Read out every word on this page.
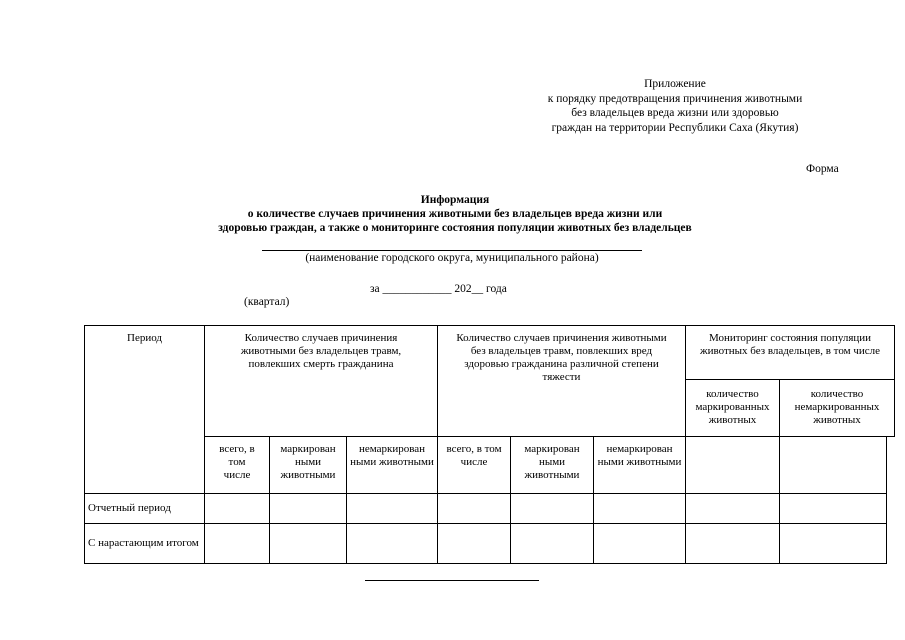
Приложение
к порядку предотвращения причинения животными
без владельцев вреда жизни или здоровью
граждан на территории Республики Саха (Якутия)
Форма
Информация
о количестве случаев причинения животными без владельцев вреда жизни или
здоровью граждан, а также о мониторинге состояния популяции животных без владельцев
(наименование городского округа, муниципального района)
за ____________ 202__ года
(квартал)
Период	Количество случаев причинения животными без владельцев травм, повлекших смерть гражданина
Количество случаев причинения животными без владельцев травм, повлекших вред здоровью гражданина различной степени тяжести
Мониторинг состояния популяции животных без владельцев, в том числе
количество маркированных животных
количество немаркированных животных
всего, в том числе
маркирован ными животными
немаркирован ными животными
всего, в том числе
маркирован ными животными
немаркирован ными животными
Отчетный период
С нарастающим итогом
